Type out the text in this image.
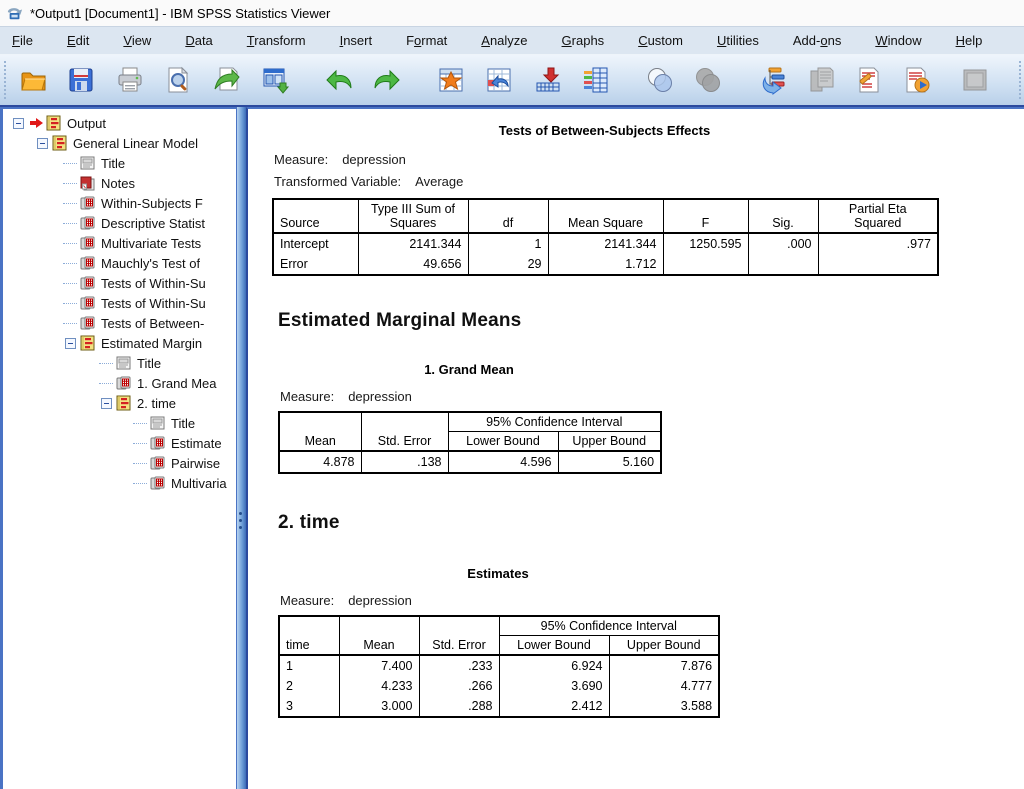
*Output1 [Document1] - IBM SPSS Statistics Viewer
File	Edit	View	Data	Transform	Insert	Format	Analyze	Graphs	Custom	Utilities	Add-ons	Window	Help
Output
General Linear Model
Title
Notes
Within-Subjects F
Descriptive Statist
Multivariate Tests
Mauchly's Test of
Tests of Within-Su
Tests of Within-Su
Tests of Between-
Estimated Margin
Title
1. Grand Mea
2. time
Title
Estimate
Pairwise
Multivaria
Tests of Between-Subjects Effects
Measure: depression
Transformed Variable: Average
Source	Type III Sum of Squares	df	Mean Square	F	Sig.	Partial Eta Squared
Intercept	2141.344	1	2141.344	1250.595	.000	.977
Error	49.656	29	1.712			
Estimated Marginal Means
1. Grand Mean
Measure: depression
Mean	Std. Error	95% Confidence Interval	
		Lower Bound	Upper Bound
4.878	.138	4.596	5.160
2. time
Estimates
Measure: depression
time	Mean	Std. Error	95% Confidence Interval	
			Lower Bound	Upper Bound
1	7.400	.233	6.924	7.876
2	4.233	.266	3.690	4.777
3	3.000	.288	2.412	3.588
